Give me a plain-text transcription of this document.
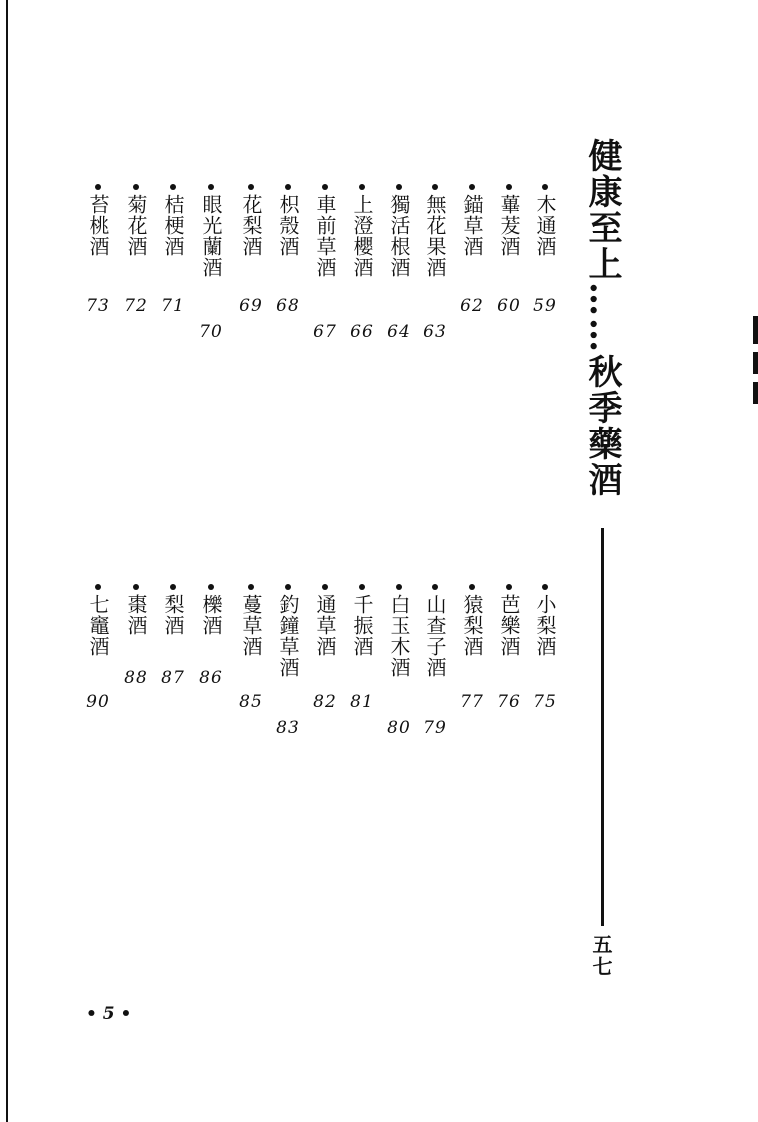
健康至上……秋季藥酒
五七
木通酒
59
蓽茇酒
60
錨草酒
62
無花果酒
63
獨活根酒
64
上澄櫻酒
66
車前草酒
67
枳殼酒
68
花梨酒
69
眼光蘭酒
70
桔梗酒
71
菊花酒
72
苔桃酒
73
小梨酒
75
芭樂酒
76
猿梨酒
77
山查子酒
79
白玉木酒
80
千振酒
81
通草酒
82
釣鐘草酒
83
蔓草酒
85
櫟酒
86
梨酒
87
棗酒
88
七竈酒
90
• 5 •
